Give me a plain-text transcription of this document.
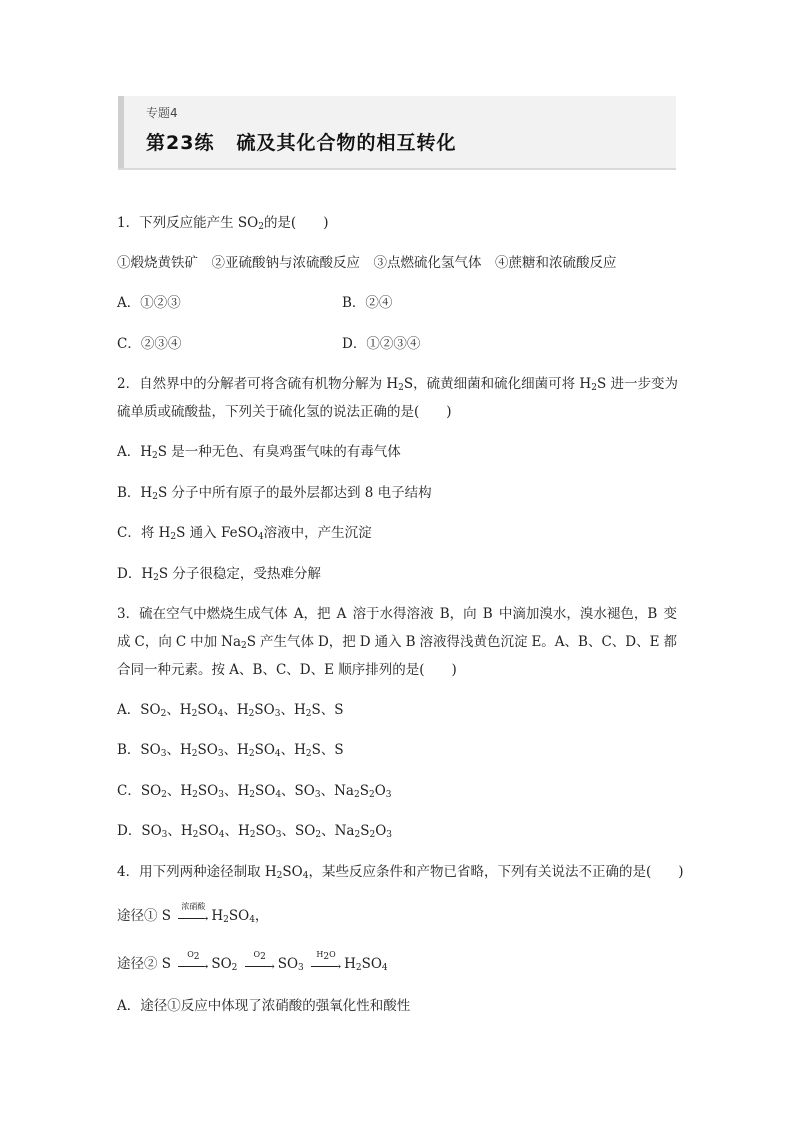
专题4
第23练 硫及其化合物的相互转化
1．下列反应能产生 $SO_2$的是(　　)
①煅烧黄铁矿　②亚硫酸钠与浓硫酸反应　③点燃硫化氢气体　④蔗糖和浓硫酸反应
A．①②③	B．②④
C．②③④	D．①②③④
2．自然界中的分解者可将含硫有机物分解为 $H_2S$，硫黄细菌和硫化细菌可将 $H_2S$ 进一步变为
硫单质或硫酸盐，下列关于硫化氢的说法正确的是(　　)
A．$H_2S$ 是一种无色、有臭鸡蛋气味的有毒气体
B．$H_2S$ 分子中所有原子的最外层都达到 8 电子结构
C．将 $H_2S$ 通入 FeSO$_4$溶液中，产生沉淀
D．$H_2S$ 分子很稳定，受热难分解
3．硫在空气中燃烧生成气体 A，把 A 溶于水得溶液 B，向 B 中滴加溴水，溴水褪色，B 变
成 C，向 C 中加 $Na_2S$ 产生气体 D，把 D 通入 B 溶液得浅黄色沉淀 E。A、B、C、D、E 都
合同一种元素。按 A、B、C、D、E 顺序排列的是(　　)
A．$SO_2$、$H_2SO_4$、$H_2SO_3$、$H_2S$、S
B．$SO_3$、$H_2SO_3$、$H_2SO_4$、$H_2S$、S
C．$SO_2$、$H_2SO_3$、$H_2SO_4$、$SO_3$、$Na_2S_2O_3$
D．$SO_3$、$H_2SO_4$、$H_2SO_3$、$SO_2$、$Na_2S_2O_3$
4．用下列两种途径制取 $H_2SO_4$，某些反应条件和产物已省略，下列有关说法不正确的是(　　)
途径① S
浓硝酸
→ $H_2SO_4$，
途径② S
$O_2$
→ $SO_2$
$O_2$
→ $SO_3$
$H_2O$
→ $H_2SO_4$
A．途径①反应中体现了浓硝酸的强氧化性和酸性
